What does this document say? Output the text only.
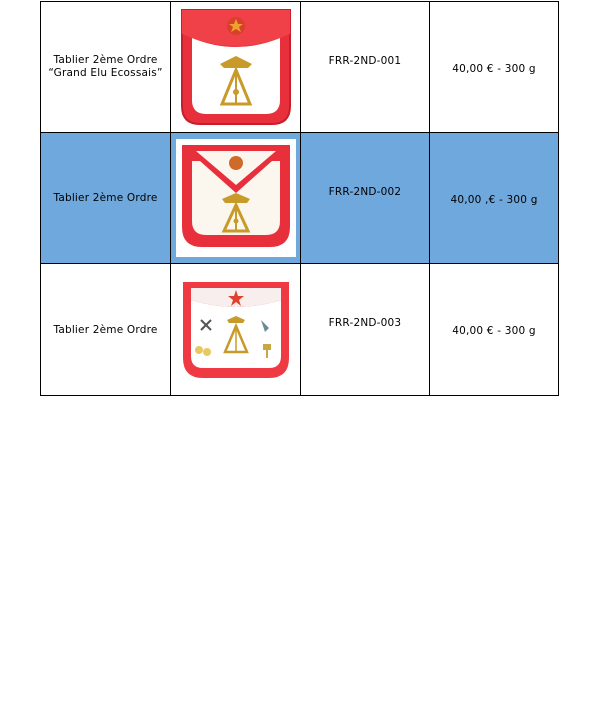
Tablier 2ème Ordre
“Grand Elu Ecossais”
FRR-2ND-001
40,00 € - 300 g
Tablier 2ème Ordre	FRR-2ND-002
40,00 ,€ - 300 g
Tablier 2ème Ordre
FRR-2ND-003
40,00 € - 300 g
